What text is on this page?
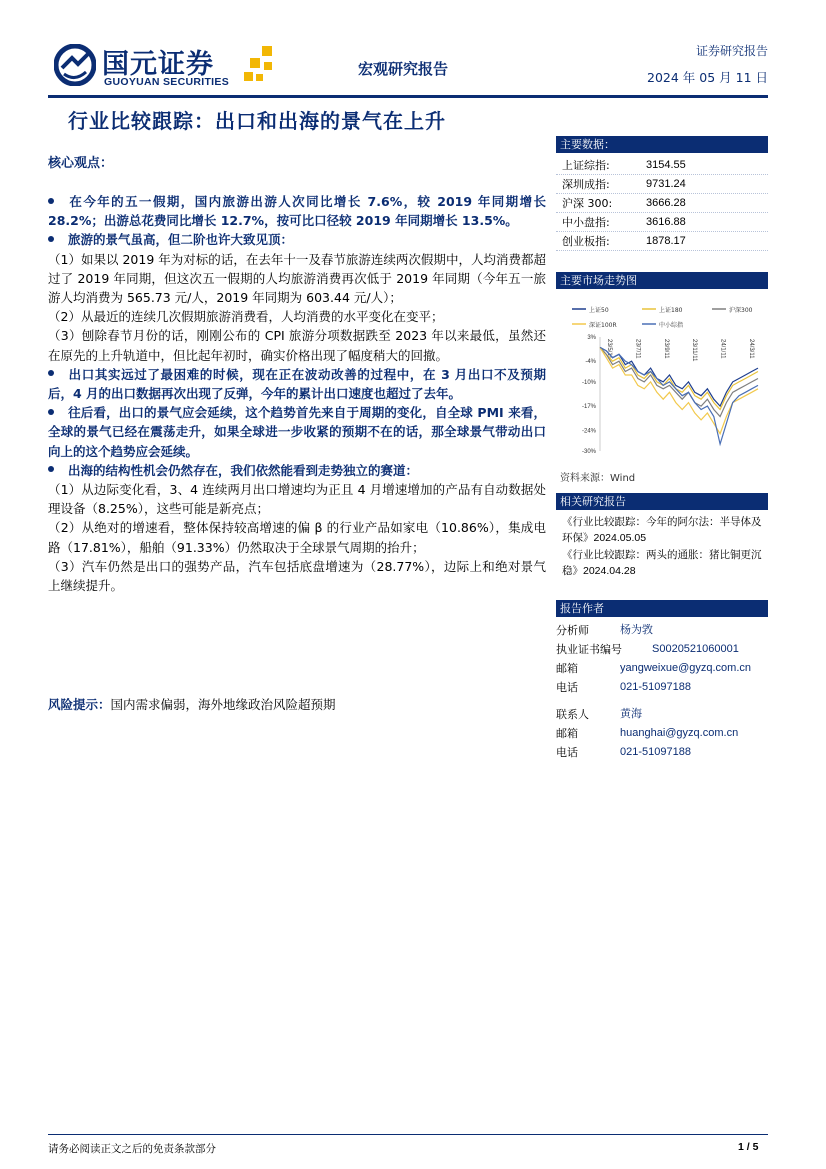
国元证券
GUOYUAN SECURITIES
宏观研究报告
证券研究报告
2024 年 05 月 11 日
行业比较跟踪：出口和出海的景气在上升
核心观点：
在今年的五一假期，国内旅游出游人次同比增长 7.6%，较 2019 年同期增长 28.2%；出游总花费同比增长 12.7%，按可比口径较 2019 年同期增长 13.5%。
旅游的景气虽高，但二阶也许大致见顶：
（1）如果以 2019 年为对标的话，在去年十一及春节旅游连续两次假期中，人均消费都超过了 2019 年同期，但这次五一假期的人均旅游消费再次低于 2019 年同期（今年五一旅游人均消费为 565.73 元/人，2019 年同期为 603.44 元/人）；
（2）从最近的连续几次假期旅游消费看，人均消费的水平变化在变平；
（3）刨除春节月份的话，刚刚公布的 CPI 旅游分项数据跌至 2023 年以来最低，虽然还在原先的上升轨道中，但比起年初时，确实价格出现了幅度稍大的回撤。
出口其实远过了最困难的时候，现在正在波动改善的过程中，在 3 月出口不及预期后，4 月的出口数据再次出现了反弹，今年的累计出口速度也超过了去年。
往后看，出口的景气应会延续，这个趋势首先来自于周期的变化，自全球 PMI 来看，全球的景气已经在震荡走升，如果全球进一步收紧的预期不在的话，那全球景气带动出口向上的这个趋势应会延续。
出海的结构性机会仍然存在，我们依然能看到走势独立的赛道：
（1）从边际变化看，3、4 连续两月出口增速均为正且 4 月增速增加的产品有自动数据处理设备（8.25%），这些可能是新亮点；
（2）从绝对的增速看，整体保持较高增速的偏 β 的行业产品如家电（10.86%），集成电路（17.81%），船舶（91.33%）仍然取决于全球景气周期的抬升；
（3）汽车仍然是出口的强势产品，汽车包括底盘增速为（28.77%），边际上和绝对景气上继续提升。
风险提示：国内需求偏弱，海外地缘政治风险超预期
主要数据：
上证综指:	3154.55
深圳成指:	9731.24
沪深 300:	3666.28
中小盘指:	3616.88
创业板指:	1878.17
主要市场走势图
上证50	上证180	沪深300
深证100R	中小综指
3%
-4%
-10%
-17%
-24%
-30%
23/5/11	23/7/11	23/9/11	23/11/11	24/1/11	24/3/11
资料来源：Wind
相关研究报告
《行业比较跟踪：今年的阿尔法：半导体及环保》2024.05.05
《行业比较跟踪：两头的通胀：猪比铜更沉稳》2024.04.28
报告作者
分析师	杨为敩
执业证书编号	S0020521060001
邮箱	yangweixue@gyzq.com.cn
电话	021-51097188
联系人	黄海
邮箱	huanghai@gyzq.com.cn
电话	021-51097188
请务必阅读正文之后的免责条款部分	1 / 5
